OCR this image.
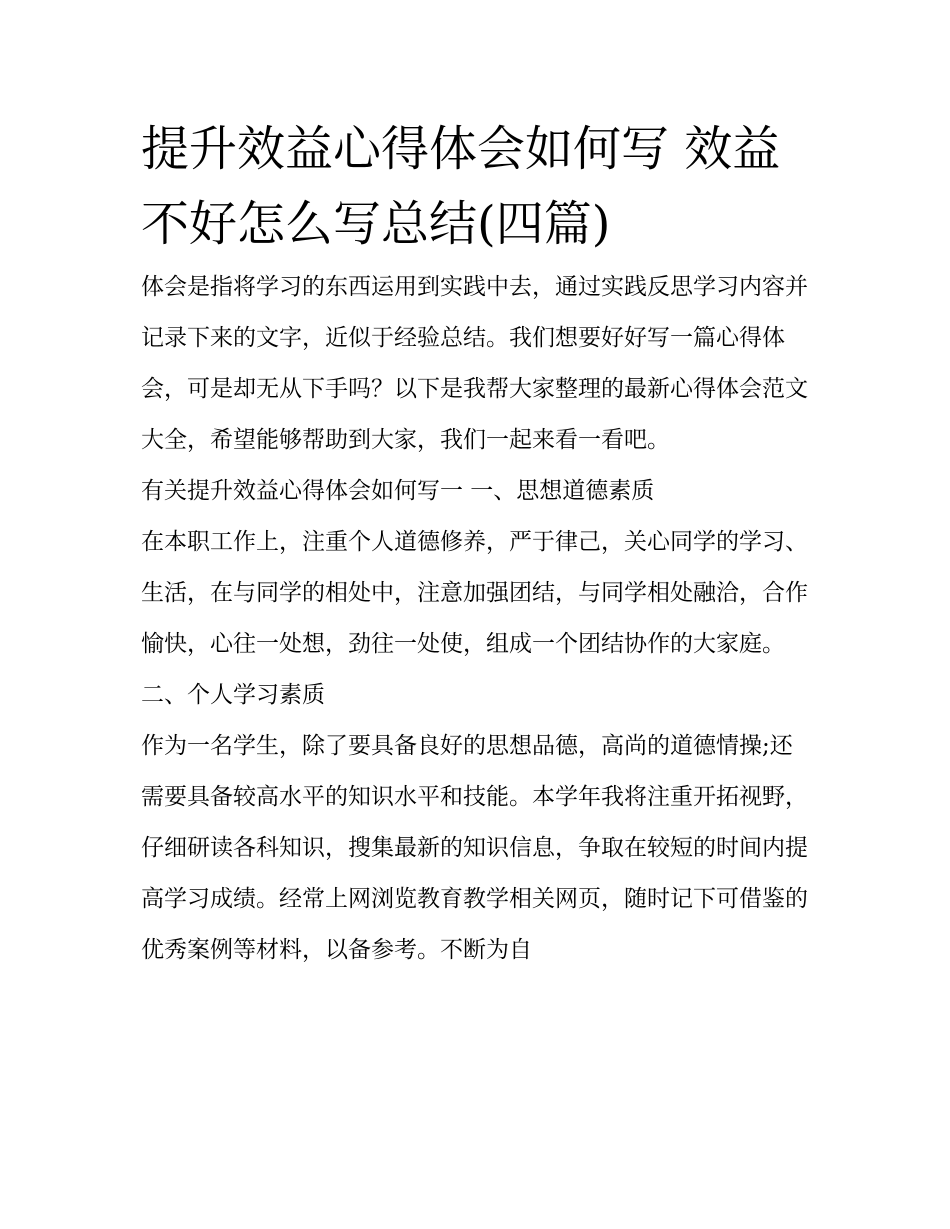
提升效益心得体会如何写 效益不好怎么写总结(四篇)

体会是指将学习的东西运用到实践中去，通过实践反思学习内容并记录下来的文字，近似于经验总结。我们想要好好写一篇心得体会，可是却无从下手吗？以下是我帮大家整理的最新心得体会范文大全，希望能够帮助到大家，我们一起来看一看吧。

有关提升效益心得体会如何写一 一、思想道德素质

在本职工作上，注重个人道德修养，严于律己，关心同学的学习、生活，在与同学的相处中，注意加强团结，与同学相处融洽，合作愉快，心往一处想，劲往一处使，组成一个团结协作的大家庭。

二、个人学习素质

作为一名学生，除了要具备良好的思想品德，高尚的道德情操;还需要具备较高水平的知识水平和技能。本学年我将注重开拓视野，仔细研读各科知识，搜集最新的知识信息，争取在较短的时间内提高学习成绩。经常上网浏览教育教学相关网页，随时记下可借鉴的优秀案例等材料，以备参考。不断为自
